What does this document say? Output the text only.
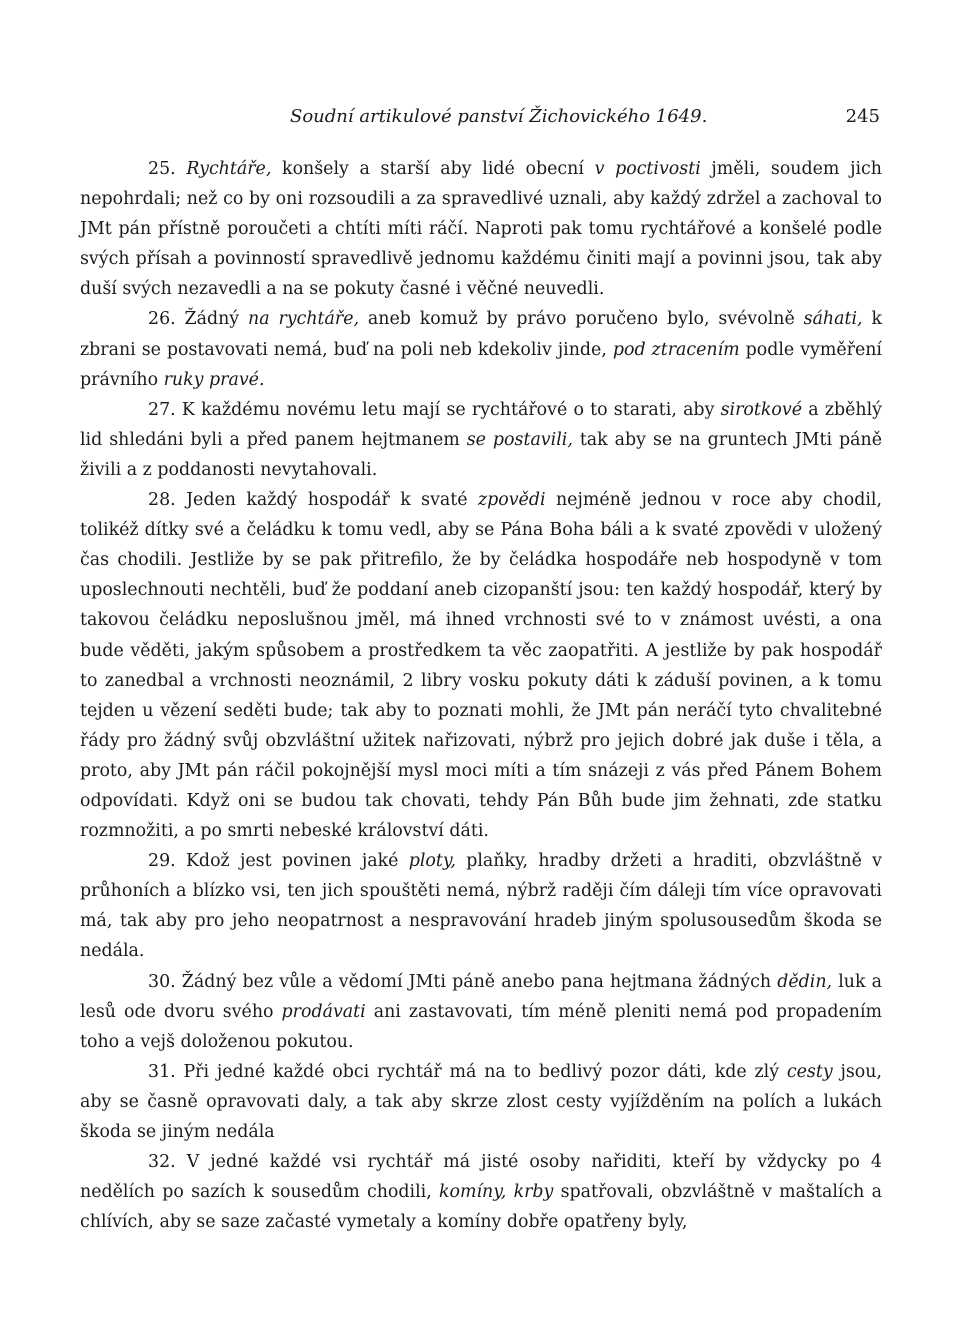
Soudní artikulové panství Žichovického 1649.	245

25. Rychtáře, konšely a starší aby lidé obecní v poctivosti jměli, soudem jich nepohrdali; než co by oni rozsoudili a za spravedlivé uznali, aby každý zdržel a zachoval to JMt pán přístně poroučeti a chtíti míti ráčí. Naproti pak tomu rychtářové a konšelé podle svých přísah a povinností spravedlivě jednomu každému činiti mají a povinni jsou, tak aby duší svých nezavedli a na se pokuty časné i věčné neuvedli.

26. Žádný na rychtáře, aneb komuž by právo poručeno bylo, svévolně sáhati, k zbrani se postavovati nemá, buď na poli neb kdekoliv jinde, pod ztracením podle vyměření právního ruky pravé.

27. K každému novému letu mají se rychtářové o to starati, aby sirotkové a zběhlý lid shledáni byli a před panem hejtmanem se postavili, tak aby se na gruntech JMti páně živili a z poddanosti nevytahovali.

28. Jeden každý hospodář k svaté zpovědi nejméně jednou v roce aby chodil, tolikéž dítky své a čeládku k tomu vedl, aby se Pána Boha báli a k svaté zpovědi v uložený čas chodili. Jestliže by se pak přitrefilo, že by čeládka hospodáře neb hospodyně v tom uposlechnouti nechtěli, buď že poddaní aneb cizopanští jsou: ten každý hospodář, který by takovou čeládku neposlušnou jměl, má ihned vrchnosti své to v známost uvésti, a ona bude věděti, jakým spůsobem a prostředkem ta věc zaopatřiti. A jestliže by pak hospodář to zanedbal a vrchnosti neoznámil, 2 libry vosku pokuty dáti k záduší povinen, a k tomu tejden u vězení seděti bude; tak aby to poznati mohli, že JMt pán neráčí tyto chvalitebné řády pro žádný svůj obzvláštní užitek nařizovati, nýbrž pro jejich dobré jak duše i těla, a proto, aby JMt pán ráčil pokojnější mysl moci míti a tím snázeji z vás před Pánem Bohem odpovídati. Když oni se budou tak chovati, tehdy Pán Bůh bude jim žehnati, zde statku rozmnožiti, a po smrti nebeské království dáti.

29. Kdož jest povinen jaké ploty, plaňky, hradby držeti a hraditi, obzvláštně v průhoních a blízko vsi, ten jich spouštěti nemá, nýbrž raději čím dáleji tím více opravovati má, tak aby pro jeho neopatrnost a nespravování hradeb jiným spolusousedům škoda se nedála.

30. Žádný bez vůle a vědomí JMti páně anebo pana hejtmana žádných dědin, luk a lesů ode dvoru svého prodávati ani zastavovati, tím méně pleniti nemá pod propadením toho a vejš doloženou pokutou.

31. Při jedné každé obci rychtář má na to bedlivý pozor dáti, kde zlý cesty jsou, aby se časně opravovati daly, a tak aby skrze zlost cesty vyjížděním na polích a lukách škoda se jiným nedála

32. V jedné každé vsi rychtář má jisté osoby nařiditi, kteří by vždycky po 4 nedělích po sazích k sousedům chodili, komíny, krby spatřovali, obzvláštně v maštalích a chlívích, aby se saze začasté vymetaly a komíny dobře opatřeny byly,
